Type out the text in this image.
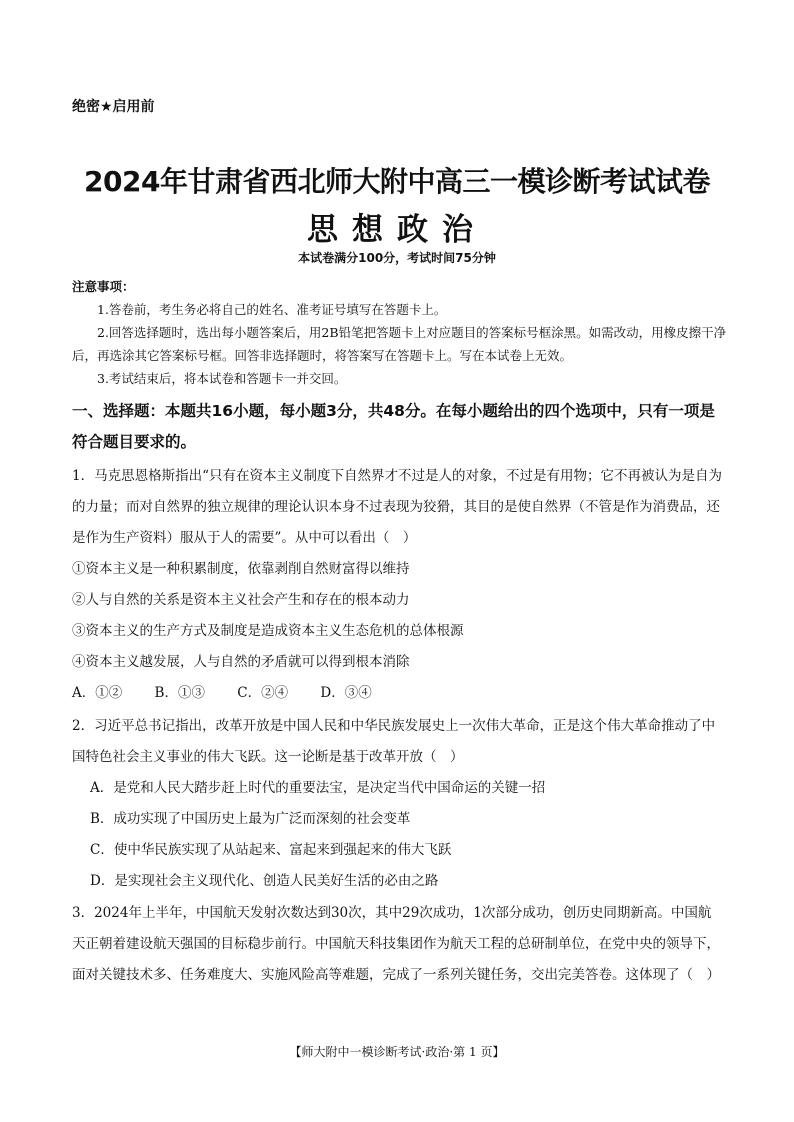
绝密★启用前
2024年甘肃省西北师大附中高三一模诊断考试试卷
思想政治
本试卷满分100分，考试时间75分钟
注意事项：
1.答卷前，考生务必将自己的姓名、准考证号填写在答题卡上。
2.回答选择题时，选出每小题答案后，用2B铅笔把答题卡上对应题目的答案标号框涂黑。如需改动，用橡皮擦干净后，再选涂其它答案标号框。回答非选择题时，将答案写在答题卡上。写在本试卷上无效。
3.考试结束后，将本试卷和答题卡一并交回。
一、选择题：本题共16小题，每小题3分，共48分。在每小题给出的四个选项中，只有一项是符合题目要求的。
1．马克思恩格斯指出“只有在资本主义制度下自然界才不过是人的对象，不过是有用物；它不再被认为是自为的力量；而对自然界的独立规律的理论认识本身不过表现为狡猾，其目的是使自然界（不管是作为消费品，还是作为生产资料）服从于人的需要”。从中可以看出（　）
①资本主义是一种积累制度，依靠剥削自然财富得以维持
②人与自然的关系是资本主义社会产生和存在的根本动力
③资本主义的生产方式及制度是造成资本主义生态危机的总体根源
④资本主义越发展，人与自然的矛盾就可以得到根本消除
A．①② B．①③ C．②④ D．③④
2．习近平总书记指出，改革开放是中国人民和中华民族发展史上一次伟大革命，正是这个伟大革命推动了中国特色社会主义事业的伟大飞跃。这一论断是基于改革开放（　）
A．是党和人民大踏步赶上时代的重要法宝，是决定当代中国命运的关键一招
B．成功实现了中国历史上最为广泛而深刻的社会变革
C．使中华民族实现了从站起来、富起来到强起来的伟大飞跃
D．是实现社会主义现代化、创造人民美好生活的必由之路
3．2024年上半年，中国航天发射次数达到30次，其中29次成功，1次部分成功，创历史同期新高。中国航天正朝着建设航天强国的目标稳步前行。中国航天科技集团作为航天工程的总研制单位，在党中央的领导下，面对关键技术多、任务难度大、实施风险高等难题，完成了一系列关键任务，交出完美答卷。这体现了（　）
【师大附中一模诊断考试·政治·第 1 页】
